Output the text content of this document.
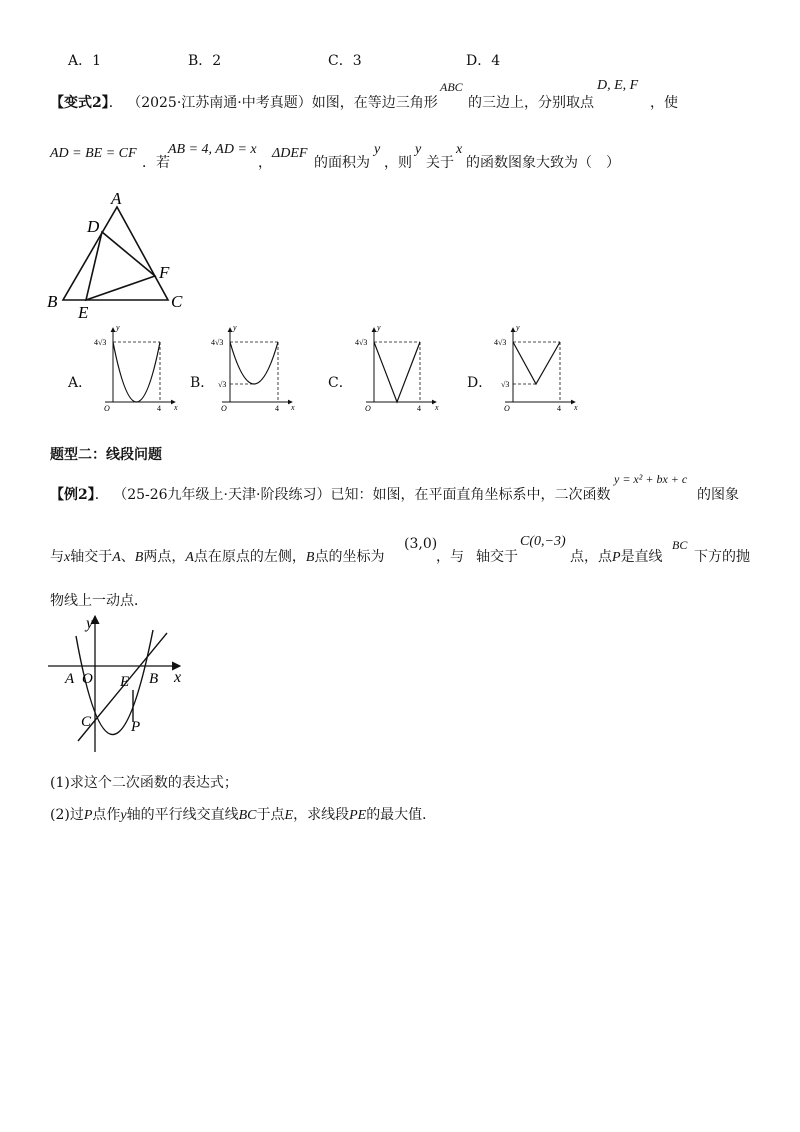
A．1	B．2	C．3	D．4
【变式2】． （2025·江苏南通·中考真题）如图，在等边三角形
ABC
的三边上，分别取点
D, E, F
，使
AD = BE = CF
．若
AB = 4, AD = x
，
ΔDEF
的面积为
y
，则
y
关于
x
的函数图象大致为（　）
A
B	C
D
E
F
A．	B．	C．	D．
y
x
O	4
4√3
y
x
O	4
4√3
√3
y
x
O	4
4√3
y
x
O	4
4√3
√3
题型二：线段问题
【例2】． （25-26九年级上·天津·阶段练习）已知：如图，在平面直角坐标系中，二次函数
y = x² + bx + c
的图象
与x轴交于A、B两点，A点在原点的左侧，B点的坐标为
(3,0)
，与 轴交于
C(0,−3)
点，点P是直线
BC
下方的抛
物线上一动点．
y
x
A O	B
E
C	P
(1)求这个二次函数的表达式；
(2)过P点作y轴的平行线交直线BC于点E，求线段PE的最大值．
